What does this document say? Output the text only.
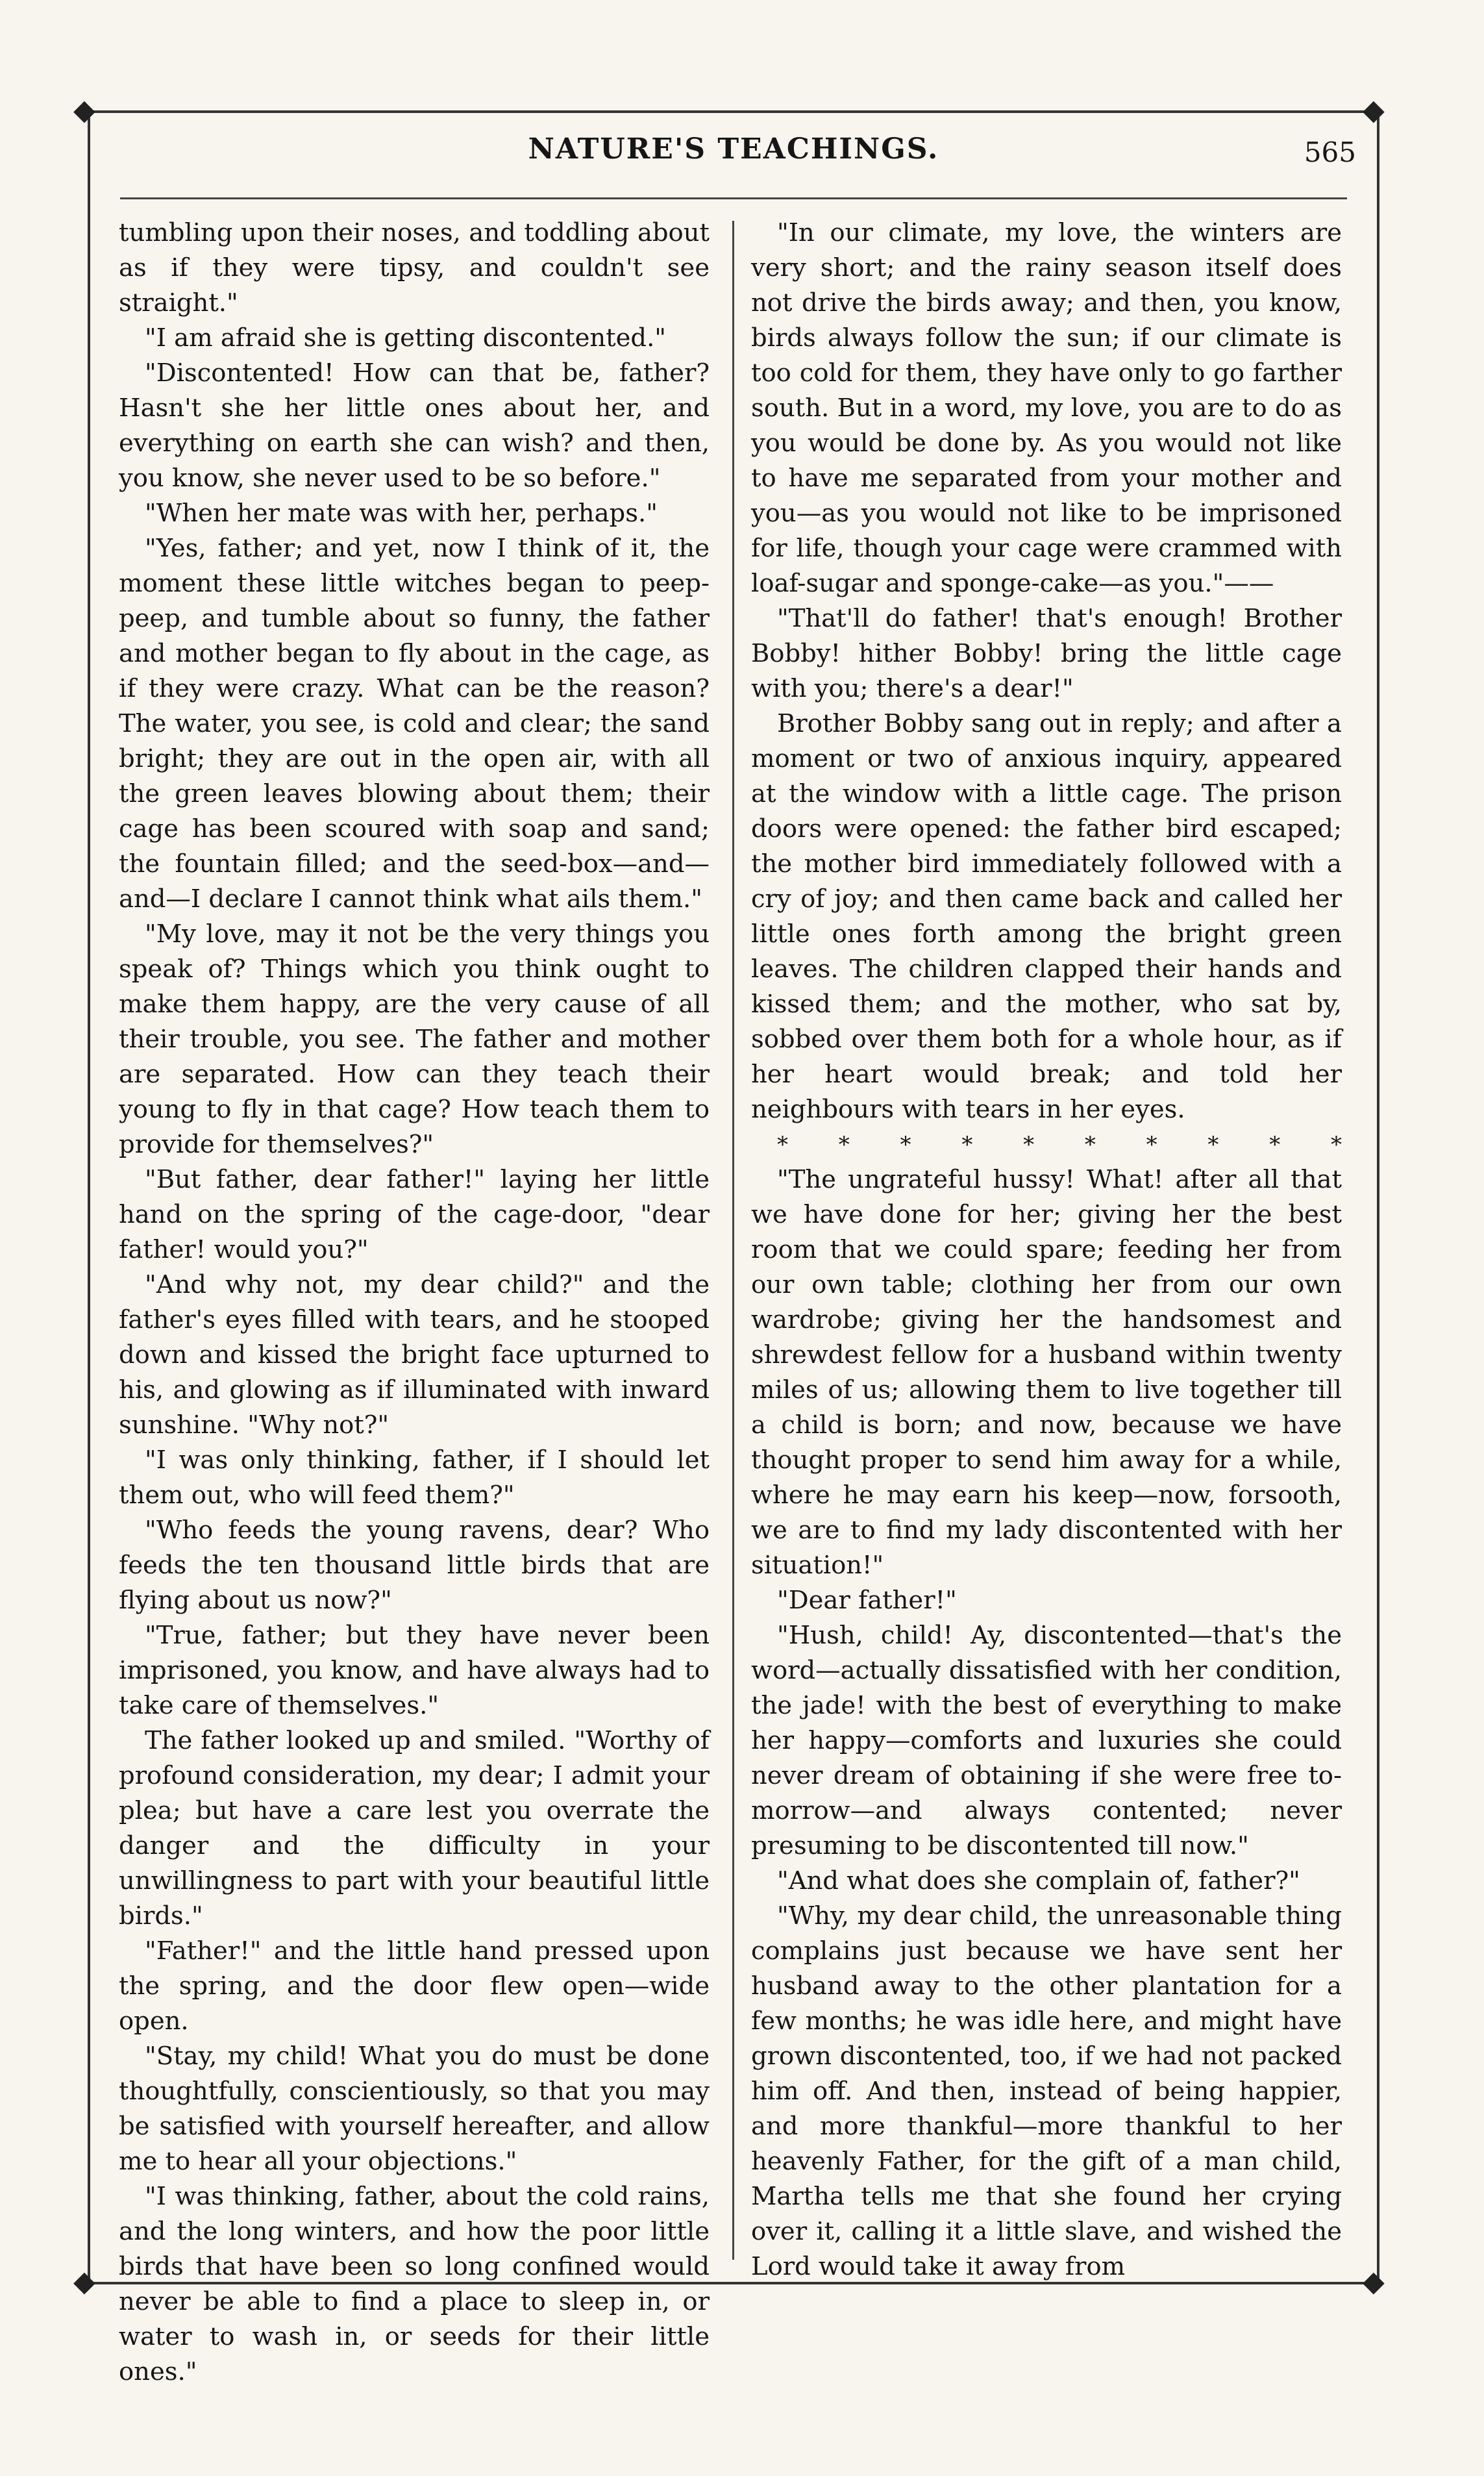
◆	◆
◆	◆
NATURE'S TEACHINGS.	565

tumbling upon their noses, and toddling about as if they were tipsy, and couldn't see straight."

"I am afraid she is getting discontented."

"Discontented! How can that be, father? Hasn't she her little ones about her, and everything on earth she can wish? and then, you know, she never used to be so before."

"When her mate was with her, perhaps."

"Yes, father; and yet, now I think of it, the moment these little witches began to peep-peep, and tumble about so funny, the father and mother began to fly about in the cage, as if they were crazy. What can be the reason? The water, you see, is cold and clear; the sand bright; they are out in the open air, with all the green leaves blowing about them; their cage has been scoured with soap and sand; the fountain filled; and the seed-box—and—and—I declare I cannot think what ails them."

"My love, may it not be the very things you speak of? Things which you think ought to make them happy, are the very cause of all their trouble, you see. The father and mother are separated. How can they teach their young to fly in that cage? How teach them to provide for themselves?"

"But father, dear father!" laying her little hand on the spring of the cage-door, "dear father! would you?"

"And why not, my dear child?" and the father's eyes filled with tears, and he stooped down and kissed the bright face upturned to his, and glowing as if illuminated with inward sunshine. "Why not?"

"I was only thinking, father, if I should let them out, who will feed them?"

"Who feeds the young ravens, dear? Who feeds the ten thousand little birds that are flying about us now?"

"True, father; but they have never been imprisoned, you know, and have always had to take care of themselves."

The father looked up and smiled. "Worthy of profound consideration, my dear; I admit your plea; but have a care lest you overrate the danger and the difficulty in your unwillingness to part with your beautiful little birds."

"Father!" and the little hand pressed upon the spring, and the door flew open—wide open.

"Stay, my child! What you do must be done thoughtfully, conscientiously, so that you may be satisfied with yourself hereafter, and allow me to hear all your objections."

"I was thinking, father, about the cold rains, and the long winters, and how the poor little birds that have been so long confined would never be able to find a place to sleep in, or water to wash in, or seeds for their little ones."

"In our climate, my love, the winters are very short; and the rainy season itself does not drive the birds away; and then, you know, birds always follow the sun; if our climate is too cold for them, they have only to go farther south. But in a word, my love, you are to do as you would be done by. As you would not like to have me separated from your mother and you—as you would not like to be imprisoned for life, though your cage were crammed with loaf-sugar and sponge-cake—as you."——

"That'll do father! that's enough! Brother Bobby! hither Bobby! bring the little cage with you; there's a dear!"

Brother Bobby sang out in reply; and after a moment or two of anxious inquiry, appeared at the window with a little cage. The prison doors were opened: the father bird escaped; the mother bird immediately followed with a cry of joy; and then came back and called her little ones forth among the bright green leaves. The children clapped their hands and kissed them; and the mother, who sat by, sobbed over them both for a whole hour, as if her heart would break; and told her neighbours with tears in her eyes.

* * * * * * * * * *

"The ungrateful hussy! What! after all that we have done for her; giving her the best room that we could spare; feeding her from our own table; clothing her from our own wardrobe; giving her the handsomest and shrewdest fellow for a husband within twenty miles of us; allowing them to live together till a child is born; and now, because we have thought proper to send him away for a while, where he may earn his keep—now, forsooth, we are to find my lady discontented with her situation!"

"Dear father!"

"Hush, child! Ay, discontented—that's the word—actually dissatisfied with her condition, the jade! with the best of everything to make her happy—comforts and luxuries she could never dream of obtaining if she were free to-morrow—and always contented; never presuming to be discontented till now."

"And what does she complain of, father?"

"Why, my dear child, the unreasonable thing complains just because we have sent her husband away to the other plantation for a few months; he was idle here, and might have grown discontented, too, if we had not packed him off. And then, instead of being happier, and more thankful—more thankful to her heavenly Father, for the gift of a man child, Martha tells me that she found her crying over it, calling it a little slave, and wished the Lord would take it away from
